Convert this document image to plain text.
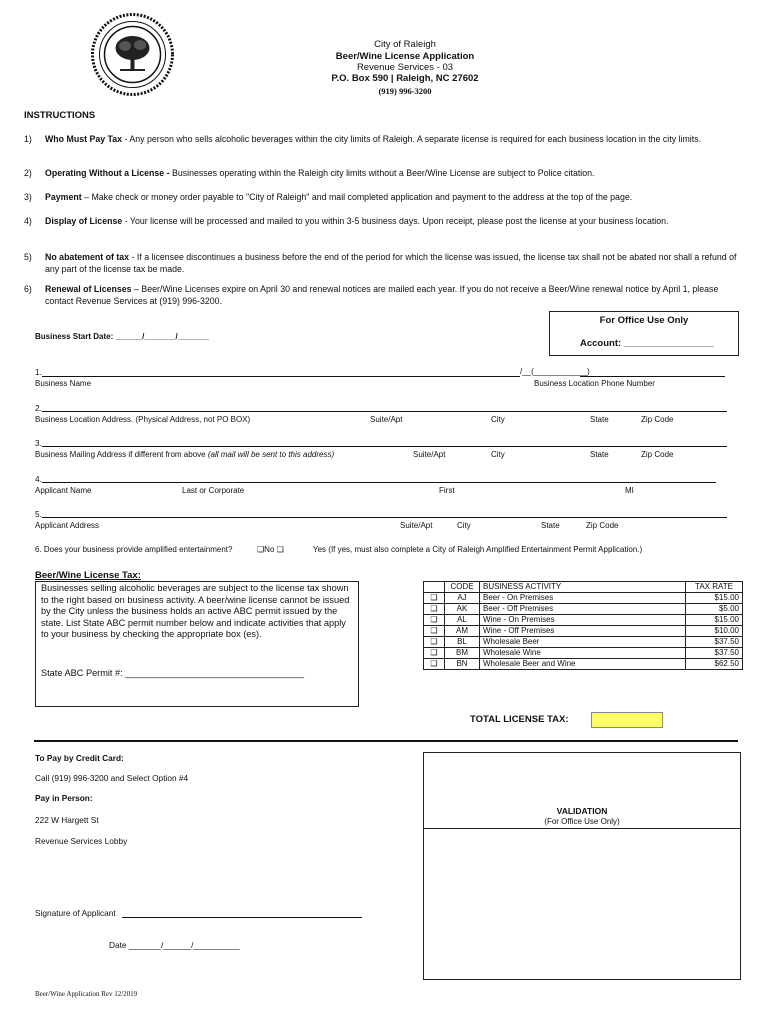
City of Raleigh
Beer/Wine License Application
Revenue Services - 03
P.O. Box 590 | Raleigh, NC 27602
(919) 996-3200
INSTRUCTIONS
1) Who Must Pay Tax - Any person who sells alcoholic beverages within the city limits of Raleigh. A separate license is required for each business location in the city limits.
2) Operating Without a License - Businesses operating within the Raleigh city limits without a Beer/Wine License are subject to Police citation.
3) Payment – Make check or money order payable to "City of Raleigh" and mail completed application and payment to the address at the top of the page.
4) Display of License - Your license will be processed and mailed to you within 3-5 business days. Upon receipt, please post the license at your business location.
5) No abatement of tax - If a licensee discontinues a business before the end of the period for which the license was issued, the license tax shall not be abated nor shall a refund of any part of the license tax be made.
6) Renewal of Licenses – Beer/Wine Licenses expire on April 30 and renewal notices are mailed each year. If you do not receive a Beer/Wine renewal notice by April 1, please contact Revenue Services at (919) 996-3200.
For Office Use Only
Account: _________________
Business Start Date: ______/_______/_______
1.	/__(____________)
Business Name	Business Location Phone Number
2.
Business Location Address. (Physical Address, not PO BOX)	Suite/Apt	City	State	Zip Code
3.
Business Mailing Address if different from above (all mail will be sent to this address)	Suite/Apt	City	State	Zip Code
4.
Applicant Name	Last or Corporate	First	MI
5.
Applicant Address	Suite/Apt	City	State	Zip Code
6. Does your business provide amplified entertainment?	❑No ❑	Yes (If yes, must also complete a City of Raleigh Amplified Entertainment Permit Application.)
Beer/Wine License Tax:
Businesses selling alcoholic beverages are subject to the license tax shown to the right based on business activity. A beer/wine license cannot be issued by the City unless the business holds an active ABC permit issued by the state. List State ABC permit number below and indicate activities that apply to your business by checking the appropriate box (es).
State ABC Permit #: ___________________________________
	CODE	BUSINESS ACTIVITY	TAX RATE
❑	AJ	Beer - On Premises	$15.00
❑	AK	Beer - Off Premises	$5.00
❑	AL	Wine - On Premises	$15.00
❑	AM	Wine - Off Premises	$10.00
❑	BL	Wholesale Beer	$37.50
❑	BM	Wholesale Wine	$37.50
❑	BN	Wholesale Beer and Wine	$62.50
TOTAL LICENSE TAX:
To Pay by Credit Card:
Call (919) 996-3200 and Select Option #4
Pay in Person:
222 W Hargett St
Revenue Services Lobby
Signature of Applicant
Date _______/______/__________
VALIDATION
(For Office Use Only)
Beer/Wine Application Rev 12/2019
